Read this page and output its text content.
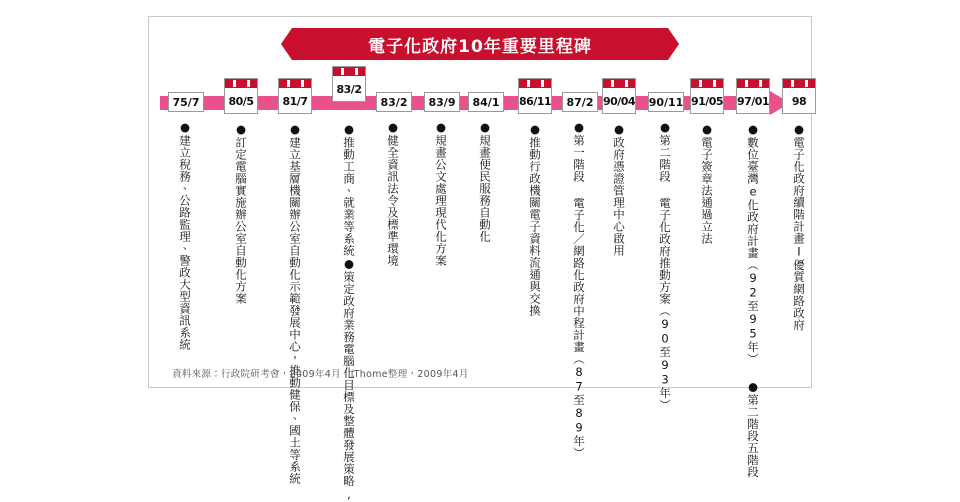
電子化政府10年重要里程碑
75/7
●建立稅務、公路監理、警政大型資訊系統
80/5
●訂定電腦實施辦公室自動化方案
81/7
●建立基層機關辦公室自動化示範發展中心，推動健保、國土等系統
83/2
●推動工商、就業等系統●策定政府業務電腦化目標及整體發展策略,
83/2
●健全資訊法令及標準環境
83/9
●規畫公文處理現代化方案
84/1
●規畫便民服務自動化
86/11
●推動行政機關電子資料流通與交換
87/2
●第一階段 電子化／網路化政府中程計畫（87至89年）
90/04
●政府憑證管理中心啟用
90/11
●第二階段 電子化政府推動方案（90至93年）
91/05
●電子簽章法通過立法
97/01
●數位臺灣e化政府計畫（92至95年） ●第二階段五階段
98
●電子化政府續階計畫Ⅰ優質網路政府
資料來源：行政院研考會，2009年4月，iThome整理，2009年4月
